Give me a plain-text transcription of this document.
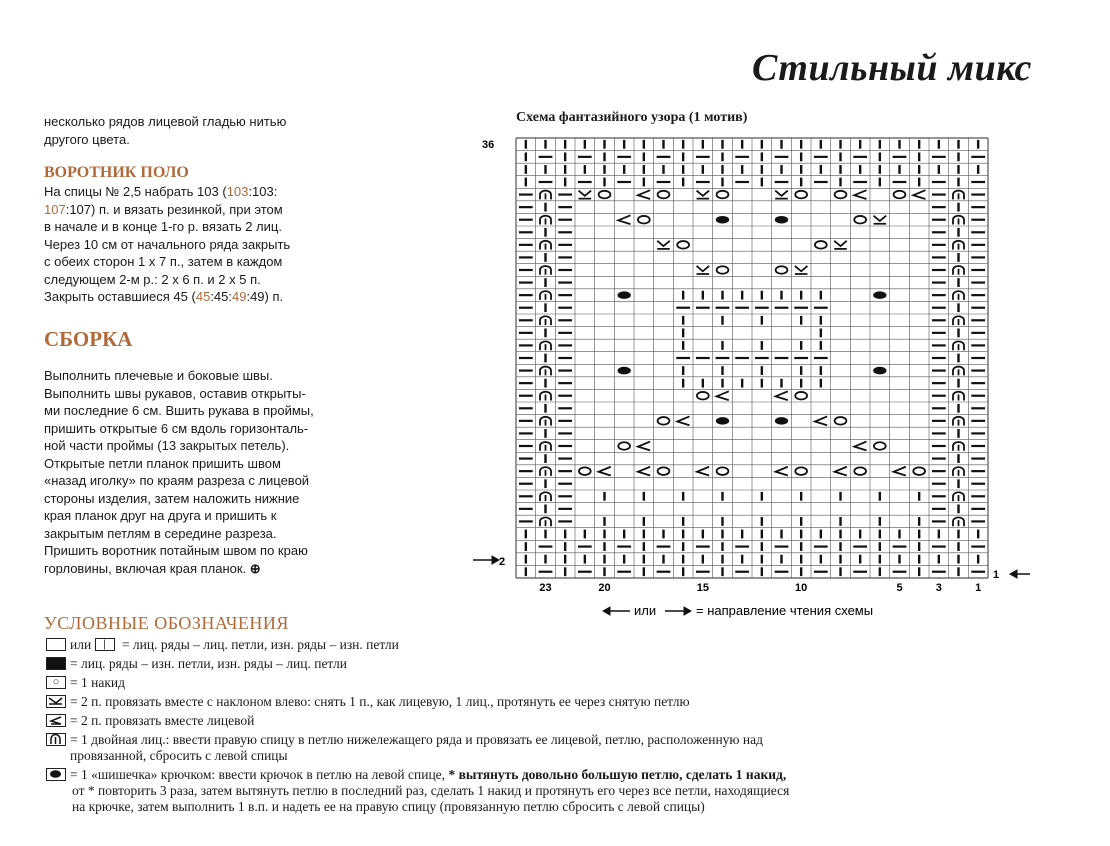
Стильный микс
несколько рядов лицевой гладью нитью
другого цвета.
ВОРОТНИК ПОЛО
На спицы № 2,5 набрать 103 (103:103:
107:107) п. и вязать резинкой, при этом
в начале и в конце 1-го р. вязать 2 лиц.
Через 10 см от начального ряда закрыть
с обеих сторон 1 х 7 п., затем в каждом
следующем 2-м р.: 2 х 6 п. и 2 х 5 п.
Закрыть оставшиеся 45 (45:45:49:49) п.
СБОРКА
Выполнить плечевые и боковые швы.
Выполнить швы рукавов, оставив открыты-
ми последние 6 см. Вшить рукава в проймы,
пришить открытые 6 см вдоль горизонталь-
ной части проймы (13 закрытых петель).
Открытые петли планок пришить швом
«назад иголку» по краям разреза с лицевой
стороны изделия, затем наложить нижние
края планок друг на друга и пришить к
закрытым петлям в середине разреза.
Пришить воротник потайным швом по краю
горловины, включая края планок. ⊕
Схема фантазийного узора (1 мотив)
36
2
1
23	20	15	10	5	3	1
или	= направление чтения схемы
УСЛОВНЫЕ ОБОЗНАЧЕНИЯ
или	|	= лиц. ряды – лиц. петли, изн. ряды – изн. петли
= лиц. ряды – изн. петли, изн. ряды – лиц. петли
○ = 1 накид
= 2 п. провязать вместе с наклоном влево: снять 1 п., как лицевую, 1 лиц., протянуть ее через снятую петлю
= 2 п. провязать вместе лицевой
= 1 двойная лиц.: ввести правую спицу в петлю нижележащего ряда и провязать ее лицевой, петлю, расположенную над
провязанной, сбросить с левой спицы
= 1 «шишечка» крючком: ввести крючок в петлю на левой спице, * вытянуть довольно большую петлю, сделать 1 накид,
от * повторить 3 раза, затем вытянуть петлю в последний раз, сделать 1 накид и протянуть его через все петли, находящиеся
на крючке, затем выполнить 1 в.п. и надеть ее на правую спицу (провязанную петлю сбросить с левой спицы)
